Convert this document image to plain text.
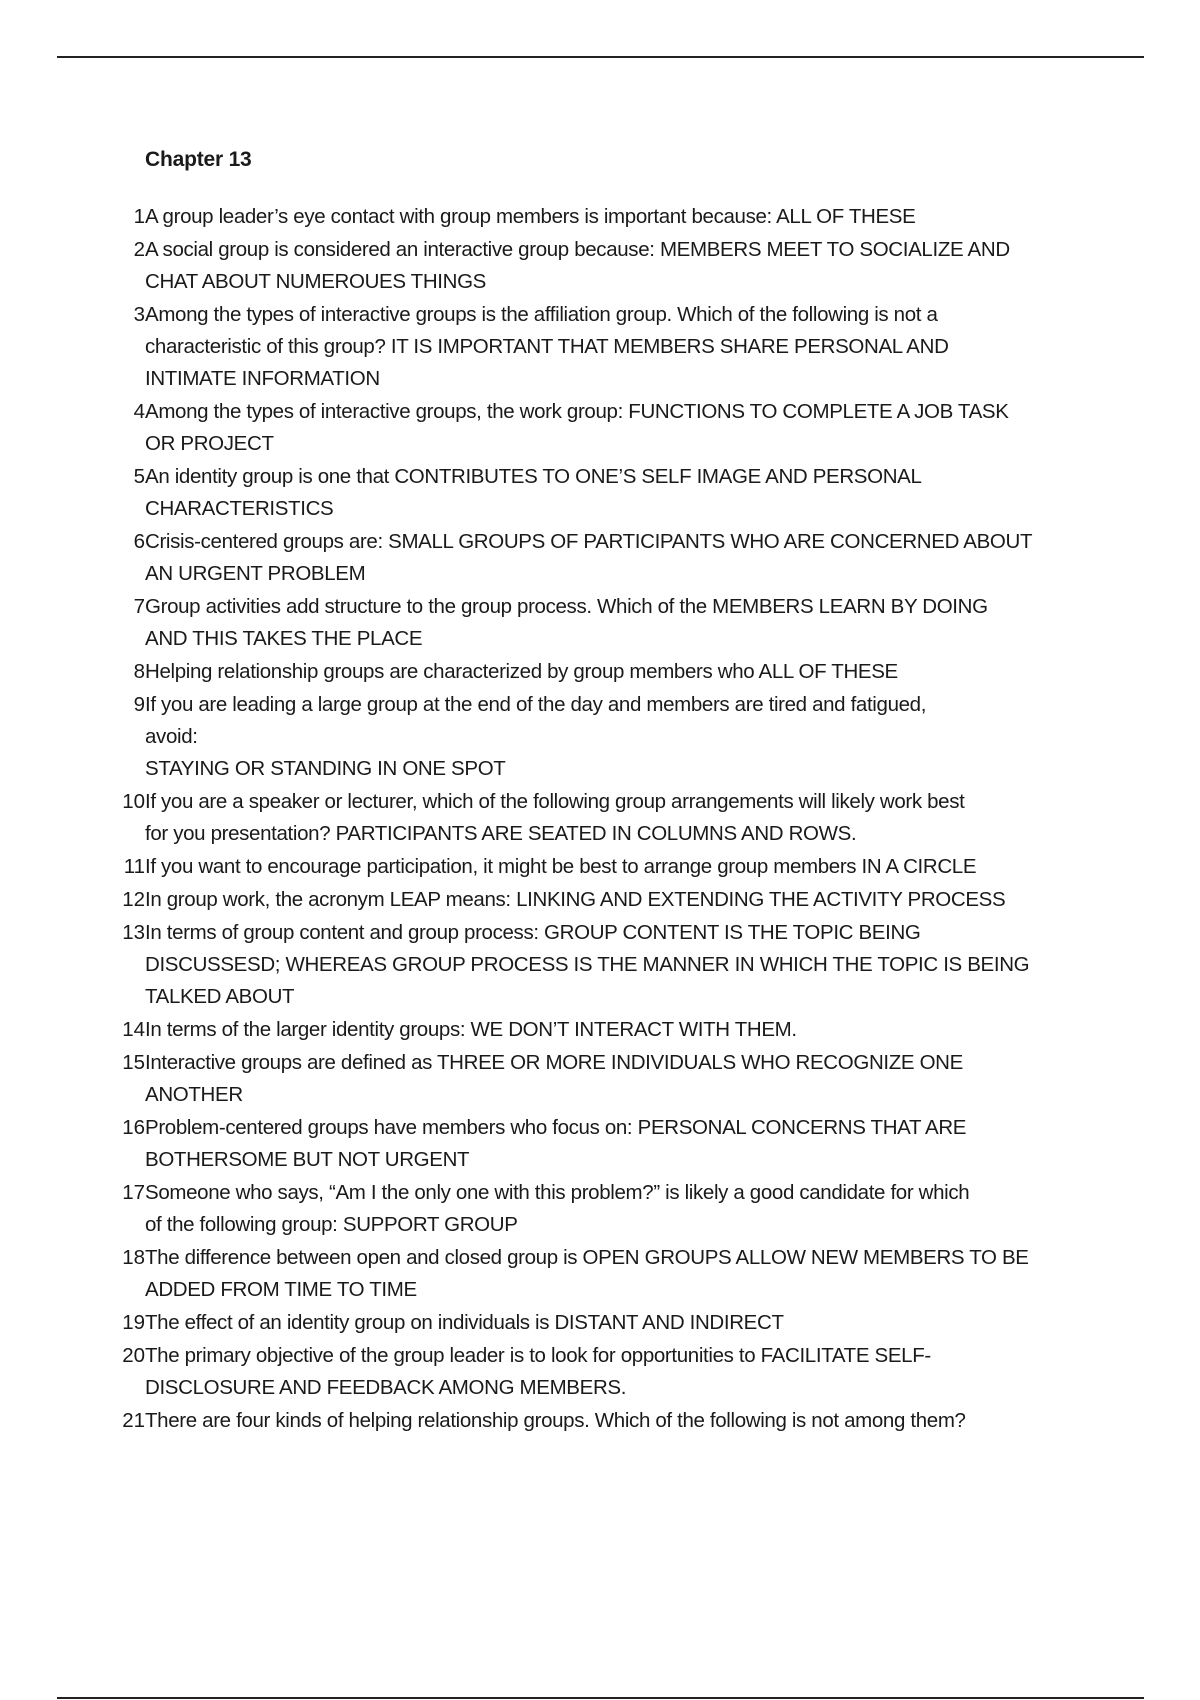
Chapter 13
1 A group leader’s eye contact with group members is important because: ALL OF THESE
2 A social group is considered an interactive group because: MEMBERS MEET TO SOCIALIZE AND
CHAT ABOUT NUMEROUES THINGS
3 Among the types of interactive groups is the affiliation group. Which of the following is not a
characteristic of this group? IT IS IMPORTANT THAT MEMBERS SHARE PERSONAL AND
INTIMATE INFORMATION
4 Among the types of interactive groups, the work group: FUNCTIONS TO COMPLETE A JOB TASK
OR PROJECT
5 An identity group is one that CONTRIBUTES TO ONE’S SELF IMAGE AND PERSONAL
CHARACTERISTICS
6 Crisis-centered groups are: SMALL GROUPS OF PARTICIPANTS WHO ARE CONCERNED ABOUT
AN URGENT PROBLEM
7 Group activities add structure to the group process. Which of the MEMBERS LEARN BY DOING
AND THIS TAKES THE PLACE
8 Helping relationship groups are characterized by group members who ALL OF THESE
9 If you are leading a large group at the end of the day and members are tired and fatigued,
avoid:
STAYING OR STANDING IN ONE SPOT
10 If you are a speaker or lecturer, which of the following group arrangements will likely work best
for you presentation? PARTICIPANTS ARE SEATED IN COLUMNS AND ROWS.
11 If you want to encourage participation, it might be best to arrange group members IN A CIRCLE
12 In group work, the acronym LEAP means: LINKING AND EXTENDING THE ACTIVITY PROCESS
13 In terms of group content and group process: GROUP CONTENT IS THE TOPIC BEING
DISCUSSESD; WHEREAS GROUP PROCESS IS THE MANNER IN WHICH THE TOPIC IS BEING
TALKED ABOUT
14 In terms of the larger identity groups: WE DON’T INTERACT WITH THEM.
15 Interactive groups are defined as THREE OR MORE INDIVIDUALS WHO RECOGNIZE ONE
ANOTHER
16 Problem-centered groups have members who focus on: PERSONAL CONCERNS THAT ARE
BOTHERSOME BUT NOT URGENT
17 Someone who says, “Am I the only one with this problem?” is likely a good candidate for which
of the following group: SUPPORT GROUP
18 The difference between open and closed group is OPEN GROUPS ALLOW NEW MEMBERS TO BE
ADDED FROM TIME TO TIME
19 The effect of an identity group on individuals is DISTANT AND INDIRECT
20 The primary objective of the group leader is to look for opportunities to FACILITATE SELF-
DISCLOSURE AND FEEDBACK AMONG MEMBERS.
21 There are four kinds of helping relationship groups. Which of the following is not among them?
